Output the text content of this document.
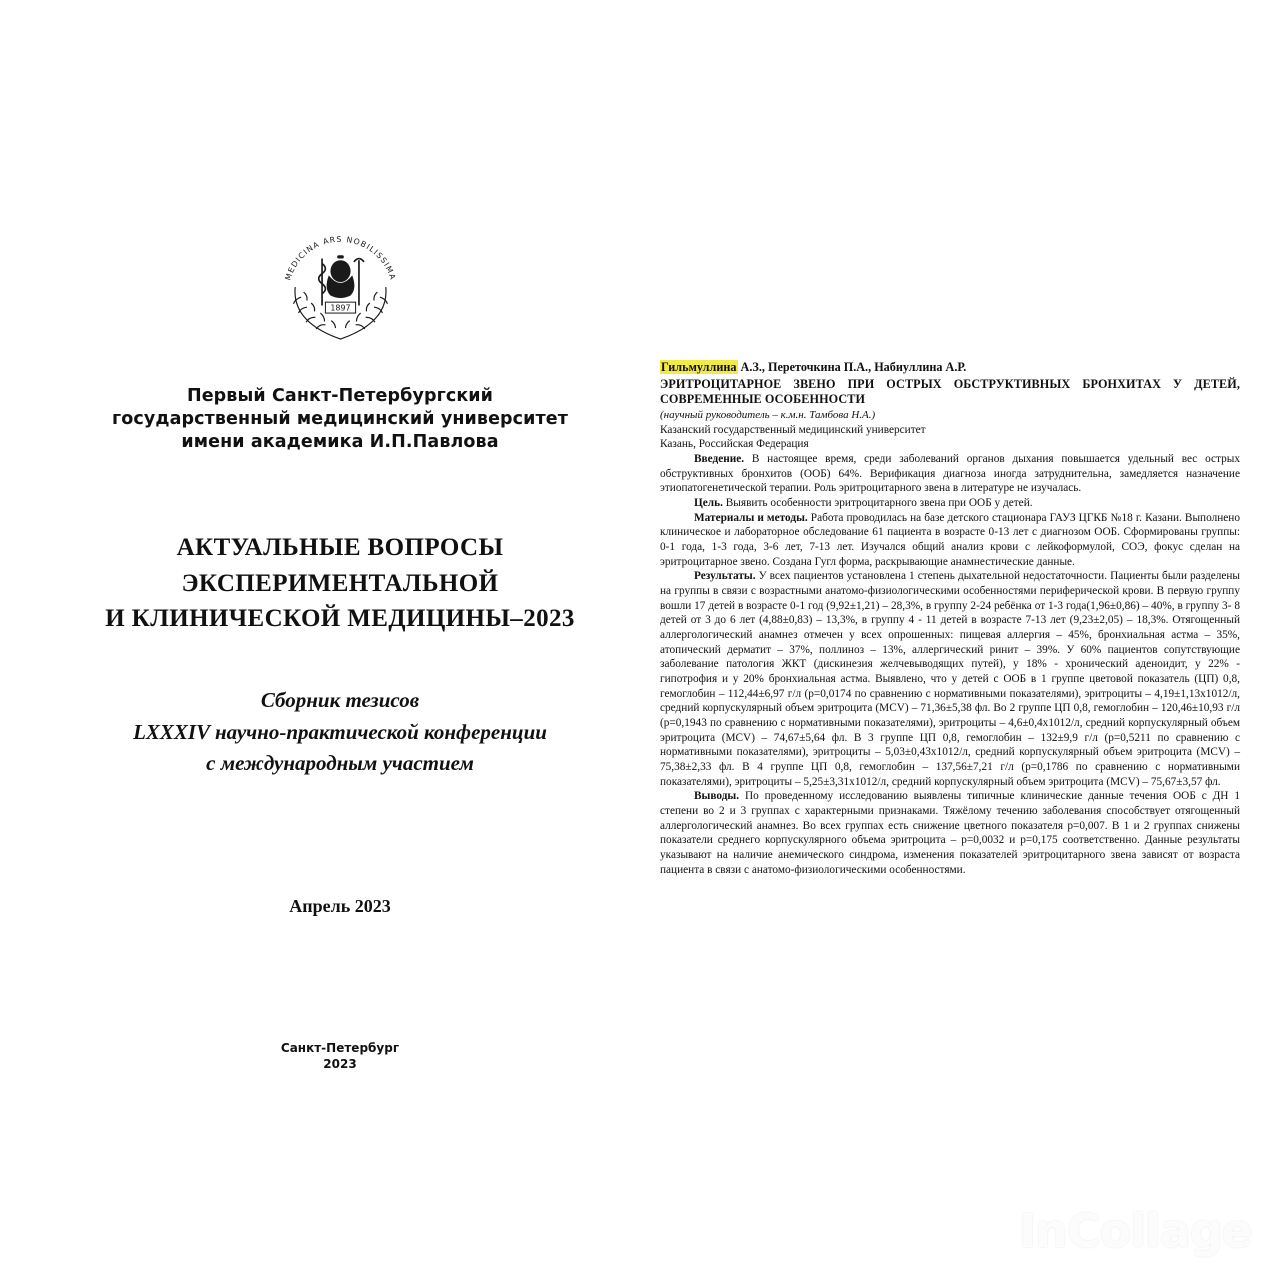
MEDICINA ARS NOBILISSIMA
1897
Первый Санкт-Петербургский
государственный медицинский университет
имени академика И.П.Павлова
АКТУАЛЬНЫЕ ВОПРОСЫ
ЭКСПЕРИМЕНТАЛЬНОЙ
И КЛИНИЧЕСКОЙ МЕДИЦИНЫ–2023
Сборник тезисов
LXXXIV научно-практической конференции
с международным участием
Апрель 2023
Санкт-Петербург
2023
Гильмуллина А.З., Переточкина П.А., Набиуллина А.Р.
ЭРИТРОЦИТАРНОЕ ЗВЕНО ПРИ ОСТРЫХ ОБСТРУКТИВНЫХ БРОНХИТАХ У ДЕТЕЙ, СОВРЕМЕННЫЕ ОСОБЕННОСТИ
(научный руководитель – к.м.н. Тамбова Н.А.)
Казанский государственный медицинский университет
Казань, Российская Федерация

Введение. В настоящее время, среди заболеваний органов дыхания повышается удельный вес острых обструктивных бронхитов (ООБ) 64%. Верификация диагноза иногда затруднительна, замедляется назначение этиопатогенетической терапии. Роль эритроцитарного звена в литературе не изучалась.

Цель. Выявить особенности эритроцитарного звена при ООБ у детей.

Материалы и методы. Работа проводилась на базе детского стационара ГАУЗ ЦГКБ №18 г. Казани. Выполнено клиническое и лабораторное обследование 61 пациента в возрасте 0-13 лет с диагнозом ООБ. Сформированы группы: 0-1 года, 1-3 года, 3-6 лет, 7-13 лет. Изучался общий анализ крови с лейкоформулой, СОЭ, фокус сделан на эритроцитарное звено. Создана Гугл форма, раскрывающие анамнестические данные.

Результаты. У всех пациентов установлена 1 степень дыхательной недостаточности. Пациенты были разделены на группы в связи с возрастными анатомо-физиологическими особенностями периферической крови. В первую группу вошли 17 детей в возрасте 0-1 год (9,92±1,21) – 28,3%, в группу 2-24 ребёнка от 1-3 года(1,96±0,86) – 40%, в группу 3- 8 детей от 3 до 6 лет (4,88±0,83) – 13,3%, в группу 4 - 11 детей в возрасте 7-13 лет (9,23±2,05) – 18,3%. Отягощенный аллергологический анамнез отмечен у всех опрошенных: пищевая аллергия – 45%, бронхиальная астма – 35%, атопический дерматит – 37%, поллиноз – 13%, аллергический ринит – 39%. У 60% пациентов сопутствующие заболевание патология ЖКТ (дискинезия желчевыводящих путей), у 18% - хронический аденоидит, у 22% - гипотрофия и у 20% бронхиальная астма. Выявлено, что у детей с ООБ в 1 группе цветовой показатель (ЦП) 0,8, гемоглобин – 112,44±6,97 г/л (р=0,0174 по сравнению с нормативными показателями), эритроциты – 4,19±1,13х1012/л, средний корпускулярный объем эритроцита (MCV) – 71,36±5,38 фл. Во 2 группе ЦП 0,8, гемоглобин – 120,46±10,93 г/л (р=0,1943 по сравнению с нормативными показателями), эритроциты – 4,6±0,4х1012/л, средний корпускулярный объем эритроцита (MCV) – 74,67±5,64 фл. В 3 группе ЦП 0,8, гемоглобин – 132±9,9 г/л (р=0,5211 по сравнению с нормативными показателями), эритроциты – 5,03±0,43х1012/л, средний корпускулярный объем эритроцита (MCV) – 75,38±2,33 фл. В 4 группе ЦП 0,8, гемоглобин – 137,56±7,21 г/л (р=0,1786 по сравнению с нормативными показателями), эритроциты – 5,25±3,31х1012/л, средний корпускулярный объем эритроцита (MCV) – 75,67±3,57 фл.

Выводы. По проведенному исследованию выявлены типичные клинические данные течения ООБ с ДН 1 степени во 2 и 3 группах с характерными признаками. Тяжёлому течению заболевания способствует отягощенный аллергологический анамнез. Во всех группах есть снижение цветного показателя р=0,007. В 1 и 2 группах снижены показатели среднего корпускулярного объема эритроцита – р=0,0032 и р=0,175 соответственно. Данные результаты указывают на наличие анемического синдрома, изменения показателей эритроцитарного звена зависят от возраста пациента в связи с анатомо-физиологическими особенностями.

InCollage
